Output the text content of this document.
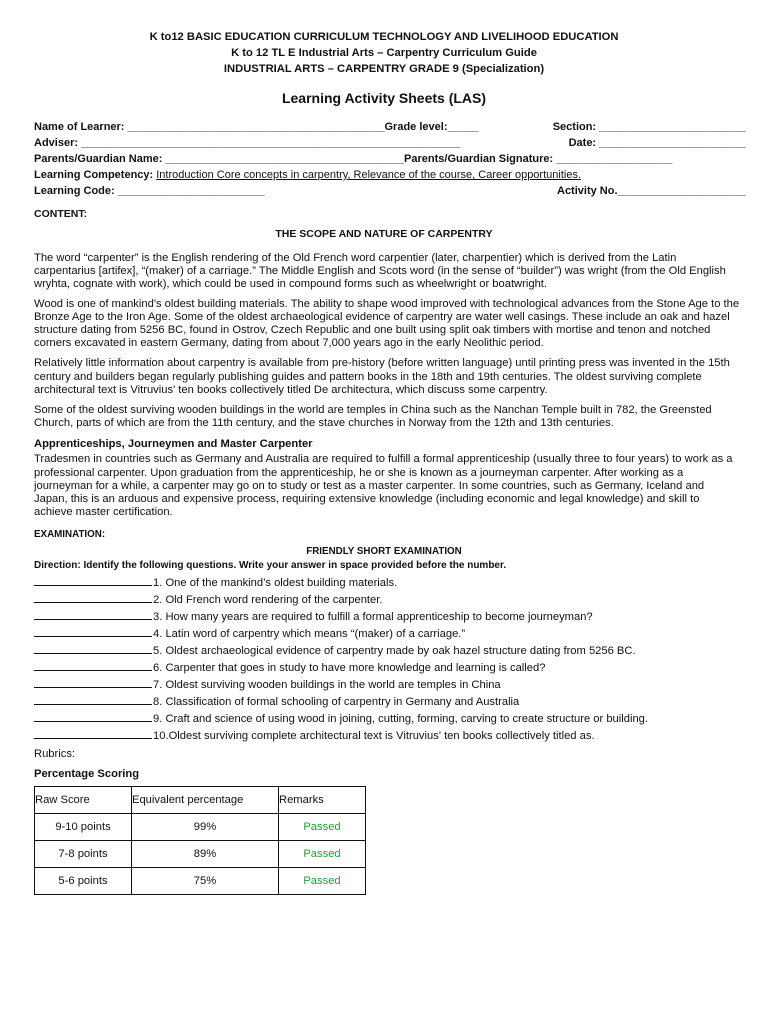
K to12 BASIC EDUCATION CURRICULUM TECHNOLOGY AND LIVELIHOOD EDUCATION
K to 12 TL E Industrial Arts – Carpentry Curriculum Guide
INDUSTRIAL ARTS – CARPENTRY GRADE 9 (Specialization)
Learning Activity Sheets (LAS)
Name of Learner: __________________________________________Grade level:_____	Section: ________________________
Adviser: ______________________________________________________________	Date: ________________________
Parents/Guardian Name: _______________________________________Parents/Guardian Signature: ___________________
Learning Competency: Introduction Core concepts in carpentry, Relevance of the course, Career opportunities.
Learning Code: ________________________	Activity No._____________________
CONTENT:
THE SCOPE AND NATURE OF CARPENTRY

The word “carpenter” is the English rendering of the Old French word carpentier (later, charpentier) which is derived from the Latin carpentarius [artifex], “(maker) of a carriage.” The Middle English and Scots word (in the sense of “builder”) was wright (from the Old English wryhta, cognate with work), which could be used in compound forms such as wheelwright or boatwright.

Wood is one of mankind's oldest building materials. The ability to shape wood improved with technological advances from the Stone Age to the Bronze Age to the Iron Age. Some of the oldest archaeological evidence of carpentry are water well casings. These include an oak and hazel structure dating from 5256 BC, found in Ostrov, Czech Republic and one built using split oak timbers with mortise and tenon and notched corners excavated in eastern Germany, dating from about 7,000 years ago in the early Neolithic period.

Relatively little information about carpentry is available from pre-history (before written language) until printing press was invented in the 15th century and builders began regularly publishing guides and pattern books in the 18th and 19th centuries. The oldest surviving complete architectural text is Vitruvius' ten books collectively titled De architectura, which discuss some carpentry.

Some of the oldest surviving wooden buildings in the world are temples in China such as the Nanchan Temple built in 782, the Greensted Church, parts of which are from the 11th century, and the stave churches in Norway from the 12th and 13th centuries.

Apprenticeships, Journeymen and Master Carpenter

Tradesmen in countries such as Germany and Australia are required to fulfill a formal apprenticeship (usually three to four years) to work as a professional carpenter. Upon graduation from the apprenticeship, he or she is known as a journeyman carpenter. After working as a journeyman for a while, a carpenter may go on to study or test as a master carpenter. In some countries, such as Germany, Iceland and Japan, this is an arduous and expensive process, requiring extensive knowledge (including economic and legal knowledge) and skill to achieve master certification.

EXAMINATION:
FRIENDLY SHORT EXAMINATION
Direction: Identify the following questions. Write your answer in space provided before the number.
1. One of the mankind’s oldest building materials.
2. Old French word rendering of the carpenter.
3. How many years are required to fulfill a formal apprenticeship to become journeyman?
4. Latin word of carpentry which means “(maker) of a carriage.”
5. Oldest archaeological evidence of carpentry made by oak hazel structure dating from 5256 BC.
6. Carpenter that goes in study to have more knowledge and learning is called?
7. Oldest surviving wooden buildings in the world are temples in China
8. Classification of formal schooling of carpentry in Germany and Australia
9. Craft and science of using wood in joining, cutting, forming, carving to create structure or building.
10.Oldest surviving complete architectural text is Vitruvius' ten books collectively titled as.
Rubrics:
Percentage Scoring
Raw Score	Equivalent percentage	Remarks
9-10 points	99%	Passed
7-8 points	89%	Passed
5-6 points	75%	Passed
